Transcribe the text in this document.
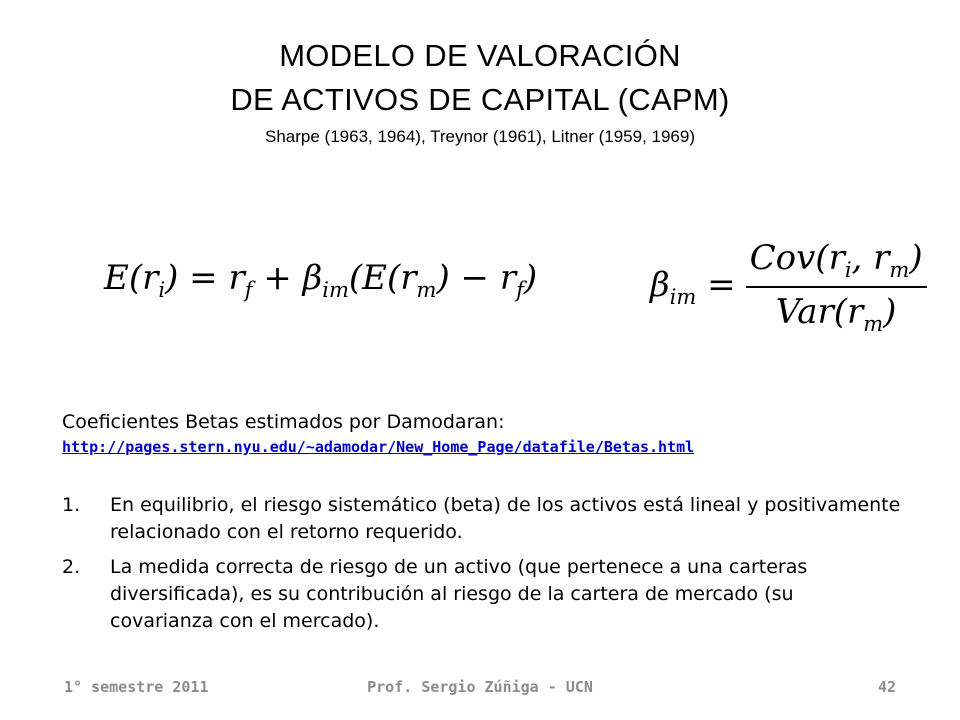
MODELO DE VALORACIÓN
DE ACTIVOS DE CAPITAL (CAPM)
Sharpe (1963, 1964), Treynor (1961), Litner (1959, 1969)
$E(r_i) = r_f + \beta_{im}(E(r_m) - r_f)$	$\beta_{im} = \frac{Cov(r_i, r_m)}{Var(r_m)}$
Coeficientes Betas estimados por Damodaran:
http://pages.stern.nyu.edu/~adamodar/New_Home_Page/datafile/Betas.html
1.	En equilibrio, el riesgo sistemático (beta) de los activos está lineal y positivamente relacionado con el retorno requerido.
2.	La medida correcta de riesgo de un activo (que pertenece a una carteras diversificada), es su contribución al riesgo de la cartera de mercado (su covarianza con el mercado).
1° semestre 2011	Prof. Sergio Zúñiga - UCN	42
